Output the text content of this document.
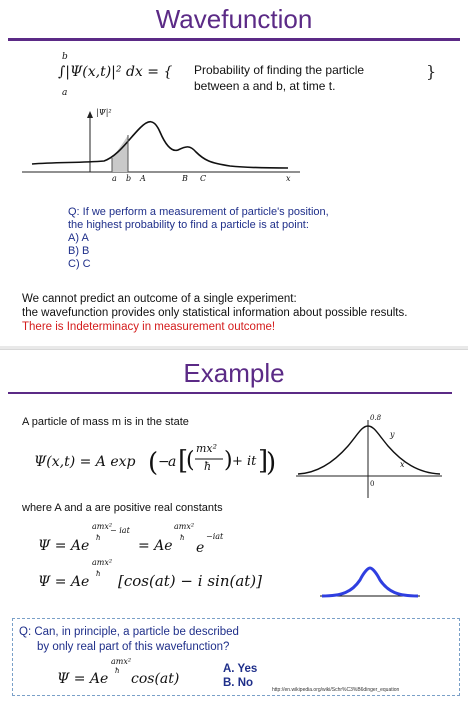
Wavefunction
b
a
∫|Ψ(x,t)|² dx = { Probability of finding the particle
between a and b, at time t.
}
|Ψ|²
a b A	B C	x
Q: If we perform a measurement of particle's position,
the highest probability to find a particle is at point:
A) A
B) B
C) C
We cannot predict an outcome of a single experiment:
the wavefunction provides only statistical information about possible results.
There is Indeterminacy in measurement outcome!
Example
A particle of mass m is in the state
Ψ(x,t) = A exp ( −
a [
( mx²
ħ ) + it ]
)
where A and a are positive real constants
Ψ = Ae
amx²
− iat
ħ	= Ae
amx²
ħ
e
−iat
Ψ = Ae
amx²
ħ [cos(at) − i sin(at)]
0.8
y
x
0
Q: Can, in principle, a particle be described
by only real part of this wavefunction?
Ψ = Ae
amx²
ħ cos(at)
A. Yes
B. No
http://en.wikipedia.org/wiki/Schr%C3%B6dinger_equation
